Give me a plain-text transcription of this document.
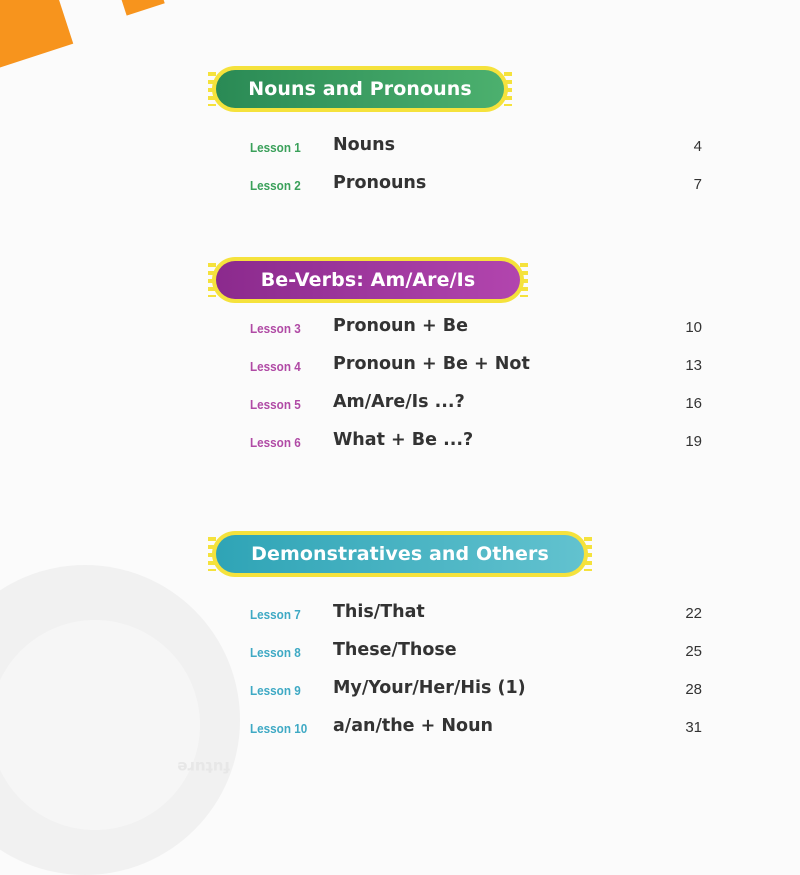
future
Nouns and Pronouns
Lesson 1 Nouns	4
Lesson 2 Pronouns	7
Be-Verbs: Am/Are/Is
Lesson 3 Pronoun + Be	10
Lesson 4 Pronoun + Be + Not	13
Lesson 5 Am/Are/Is ...?	16
Lesson 6 What + Be ...?	19
Demonstratives and Others
Lesson 7 This/That	22
Lesson 8 These/Those	25
Lesson 9 My/Your/Her/His (1)	28
Lesson 10 a/an/the + Noun	31
